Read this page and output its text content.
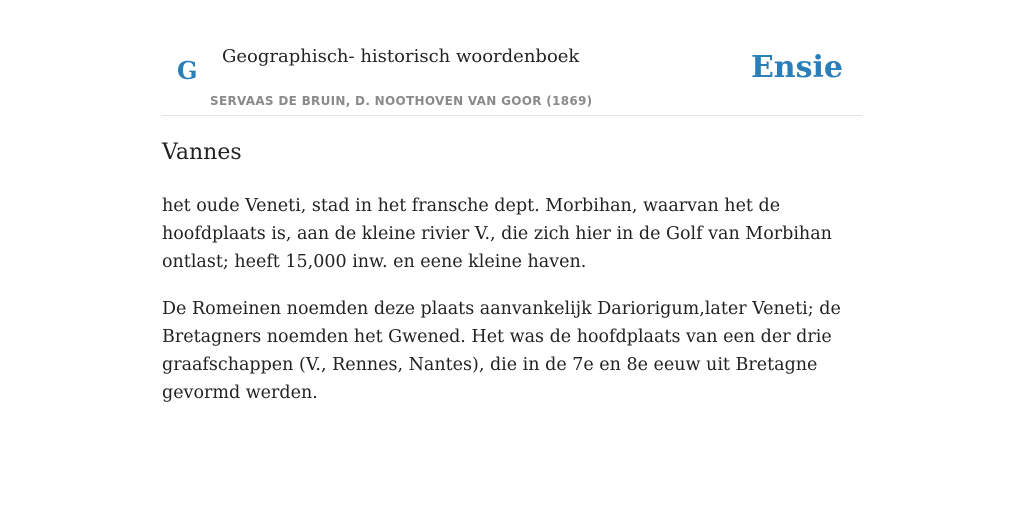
G Geographisch- historisch woordenboek
SERVAAS DE BRUIN, D. NOOTHOVEN VAN GOOR (1869)
Ensie
Vannes

het oude Veneti, stad in het fransche dept. Morbihan, waarvan het de hoofdplaats is, aan de kleine rivier V., die zich hier in de Golf van Morbihan ontlast; heeft 15,000 inw. en eene kleine haven.

De Romeinen noemden deze plaats aanvankelijk Dariorigum,later Veneti; de Bretagners noemden het Gwened. Het was de hoofdplaats van een der drie graafschappen (V., Rennes, Nantes), die in de 7e en 8e eeuw uit Bretagne gevormd werden.
